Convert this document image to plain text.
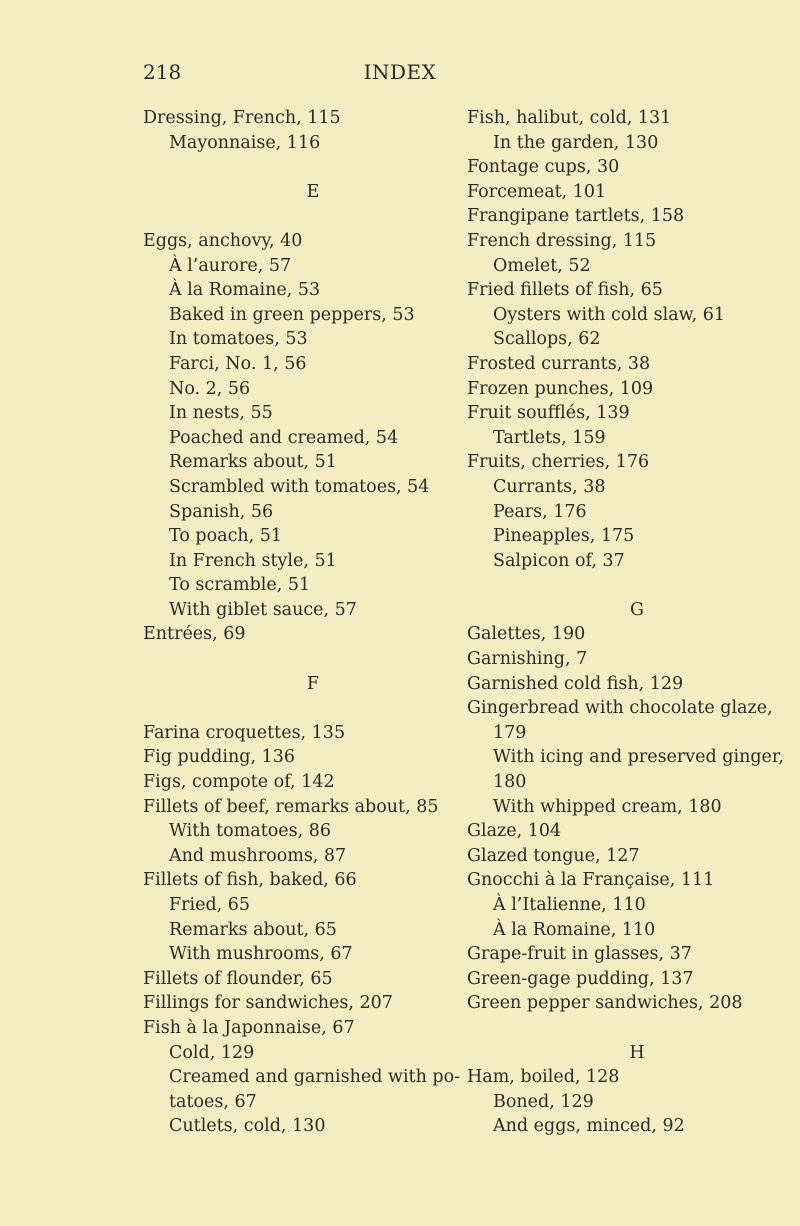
218	INDEX
Dressing, French, 115
Mayonnaise, 116
E
Eggs, anchovy, 40
À l’aurore, 57
À la Romaine, 53
Baked in green peppers, 53
In tomatoes, 53
Farci, No. 1, 56
No. 2, 56
In nests, 55
Poached and creamed, 54
Remarks about, 51
Scrambled with tomatoes, 54
Spanish, 56
To poach, 51
In French style, 51
To scramble, 51
With giblet sauce, 57
Entrées, 69
F
Farina croquettes, 135
Fig pudding, 136
Figs, compote of, 142
Fillets of beef, remarks about, 85
With tomatoes, 86
And mushrooms, 87
Fillets of fish, baked, 66
Fried, 65
Remarks about, 65
With mushrooms, 67
Fillets of flounder, 65
Fillings for sandwiches, 207
Fish à la Japonnaise, 67
Cold, 129
Creamed and garnished with po-
tatoes, 67
Cutlets, cold, 130
Fish, halibut, cold, 131
In the garden, 130
Fontage cups, 30
Forcemeat, 101
Frangipane tartlets, 158
French dressing, 115
Omelet, 52
Fried fillets of fish, 65
Oysters with cold slaw, 61
Scallops, 62
Frosted currants, 38
Frozen punches, 109
Fruit soufflés, 139
Tartlets, 159
Fruits, cherries, 176
Currants, 38
Pears, 176
Pineapples, 175
Salpicon of, 37
G
Galettes, 190
Garnishing, 7
Garnished cold fish, 129
Gingerbread with chocolate glaze,
179
With icing and preserved ginger,
180
With whipped cream, 180
Glaze, 104
Glazed tongue, 127
Gnocchi à la Française, 111
À l’Italienne, 110
À la Romaine, 110
Grape-fruit in glasses, 37
Green-gage pudding, 137
Green pepper sandwiches, 208
H
Ham, boiled, 128
Boned, 129
And eggs, minced, 92
